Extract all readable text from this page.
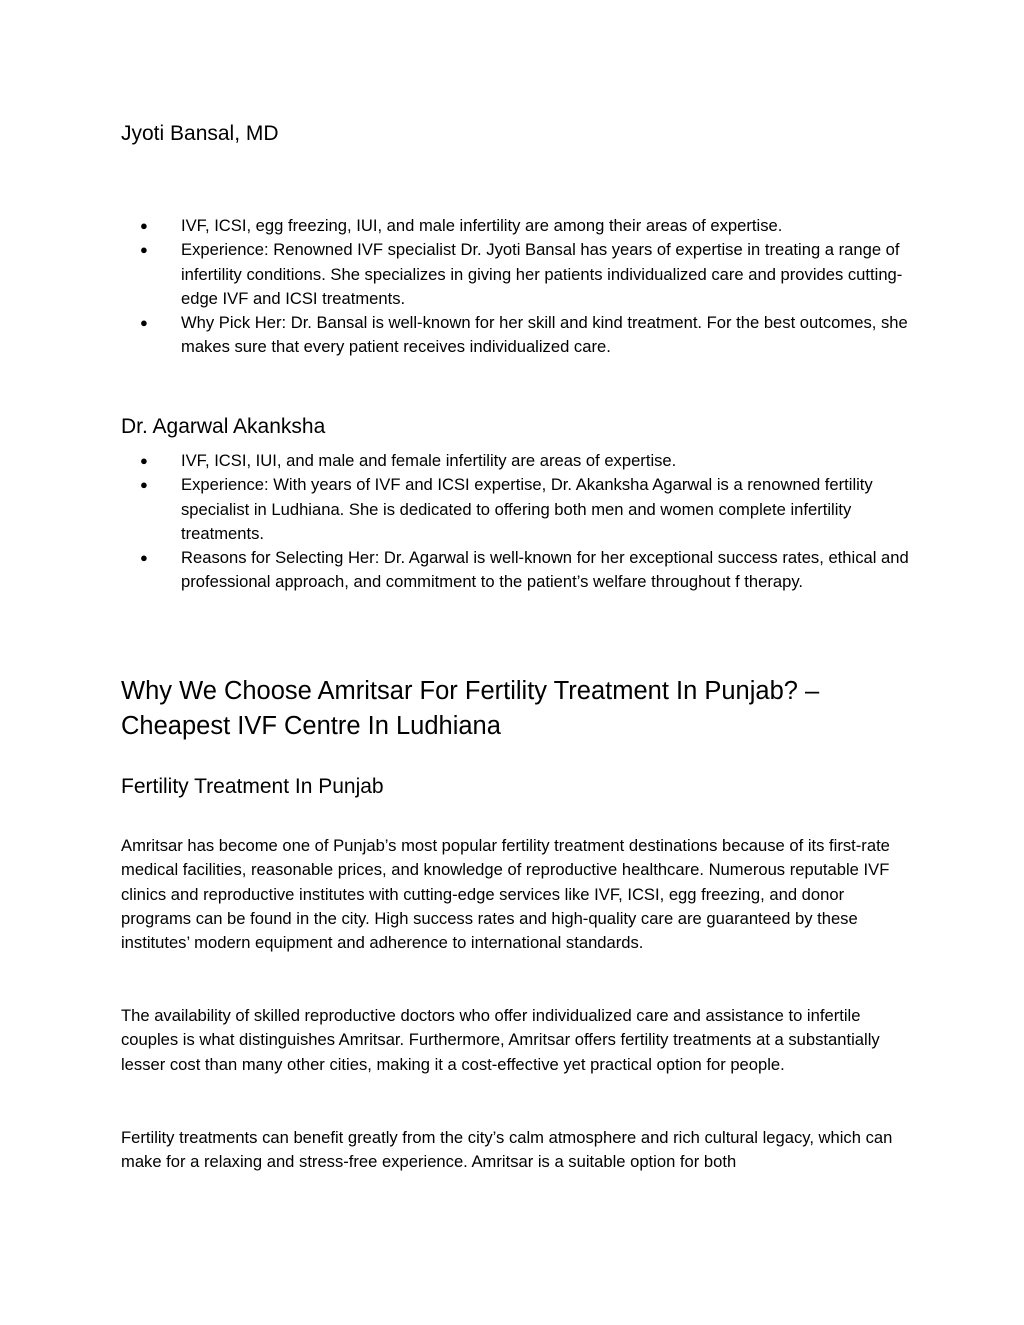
Jyoti Bansal, MD
● IVF, ICSI, egg freezing, IUI, and male infertility are among their areas of expertise.
● Experience: Renowned IVF specialist Dr. Jyoti Bansal has years of expertise in treating a range of infertility conditions. She specializes in giving her patients individualized care and provides cutting-edge IVF and ICSI treatments.
● Why Pick Her: Dr. Bansal is well-known for her skill and kind treatment. For the best outcomes, she makes sure that every patient receives individualized care.
Dr. Agarwal Akanksha
● IVF, ICSI, IUI, and male and female infertility are areas of expertise.
● Experience: With years of IVF and ICSI expertise, Dr. Akanksha Agarwal is a renowned fertility specialist in Ludhiana. She is dedicated to offering both men and women complete infertility treatments.
● Reasons for Selecting Her: Dr. Agarwal is well-known for her exceptional success rates, ethical and professional approach, and commitment to the patient’s welfare throughout f therapy.
Why We Choose Amritsar For Fertility Treatment In Punjab? – Cheapest IVF Centre In Ludhiana
Fertility Treatment In Punjab

Amritsar has become one of Punjab’s most popular fertility treatment destinations because of its first-rate medical facilities, reasonable prices, and knowledge of reproductive healthcare. Numerous reputable IVF clinics and reproductive institutes with cutting-edge services like IVF, ICSI, egg freezing, and donor programs can be found in the city. High success rates and high-quality care are guaranteed by these institutes’ modern equipment and adherence to international standards.

The availability of skilled reproductive doctors who offer individualized care and assistance to infertile couples is what distinguishes Amritsar. Furthermore, Amritsar offers fertility treatments at a substantially lesser cost than many other cities, making it a cost-effective yet practical option for people.

Fertility treatments can benefit greatly from the city’s calm atmosphere and rich cultural legacy, which can make for a relaxing and stress-free experience. Amritsar is a suitable option for both
